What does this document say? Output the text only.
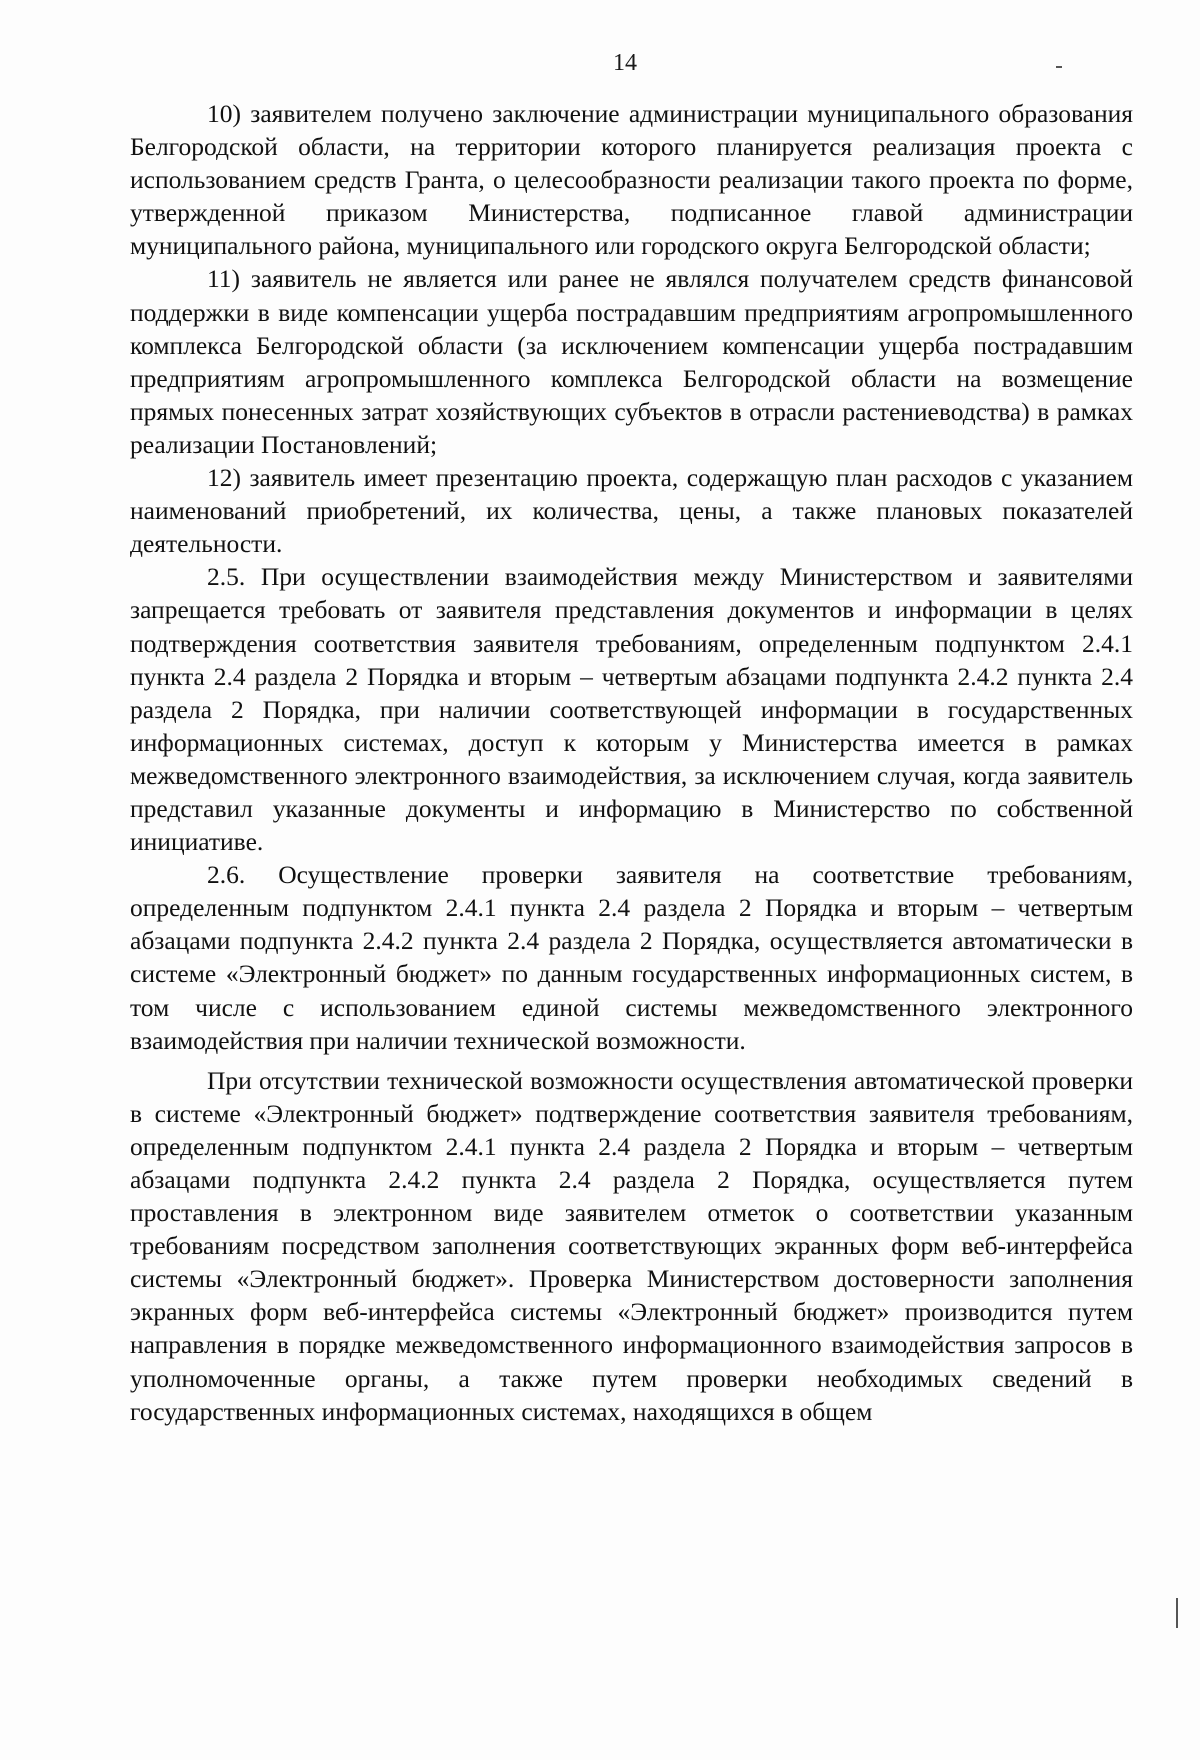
14

10) заявителем получено заключение администрации муниципального образования Белгородской области, на территории которого планируется реализация проекта с использованием средств Гранта, о целесообразности реализации такого проекта по форме, утвержденной приказом Министерства, подписанное главой администрации муниципального района, муниципального или городского округа Белгородской области;

11) заявитель не является или ранее не являлся получателем средств финансовой поддержки в виде компенсации ущерба пострадавшим предприятиям агропромышленного комплекса Белгородской области (за исключением компенсации ущерба пострадавшим предприятиям агропромышленного комплекса Белгородской области на возмещение прямых понесенных затрат хозяйствующих субъектов в отрасли растениеводства) в рамках реализации Постановлений;

12) заявитель имеет презентацию проекта, содержащую план расходов с указанием наименований приобретений, их количества, цены, а также плановых показателей деятельности.

2.5. При осуществлении взаимодействия между Министерством и заявителями запрещается требовать от заявителя представления документов и информации в целях подтверждения соответствия заявителя требованиям, определенным подпунктом 2.4.1 пункта 2.4 раздела 2 Порядка и вторым – четвертым абзацами подпункта 2.4.2 пункта 2.4 раздела 2 Порядка, при наличии соответствующей информации в государственных информационных системах, доступ к которым у Министерства имеется в рамках межведомственного электронного взаимодействия, за исключением случая, когда заявитель представил указанные документы и информацию в Министерство по собственной инициативе.

2.6. Осуществление проверки заявителя на соответствие требованиям, определенным подпунктом 2.4.1 пункта 2.4 раздела 2 Порядка и вторым – четвертым абзацами подпункта 2.4.2 пункта 2.4 раздела 2 Порядка, осуществляется автоматически в системе «Электронный бюджет» по данным государственных информационных систем, в том числе с использованием единой системы межведомственного электронного взаимодействия при наличии технической возможности.

При отсутствии технической возможности осуществления автоматической проверки в системе «Электронный бюджет» подтверждение соответствия заявителя требованиям, определенным подпунктом 2.4.1 пункта 2.4 раздела 2 Порядка и вторым – четвертым абзацами подпункта 2.4.2 пункта 2.4 раздела 2 Порядка, осуществляется путем проставления в электронном виде заявителем отметок о соответствии указанным требованиям посредством заполнения соответствующих экранных форм веб-интерфейса системы «Электронный бюджет». Проверка Министерством достоверности заполнения экранных форм веб-интерфейса системы «Электронный бюджет» производится путем направления в порядке межведомственного информационного взаимодействия запросов в уполномоченные органы, а также путем проверки необходимых сведений в государственных информационных системах, находящихся в общем
